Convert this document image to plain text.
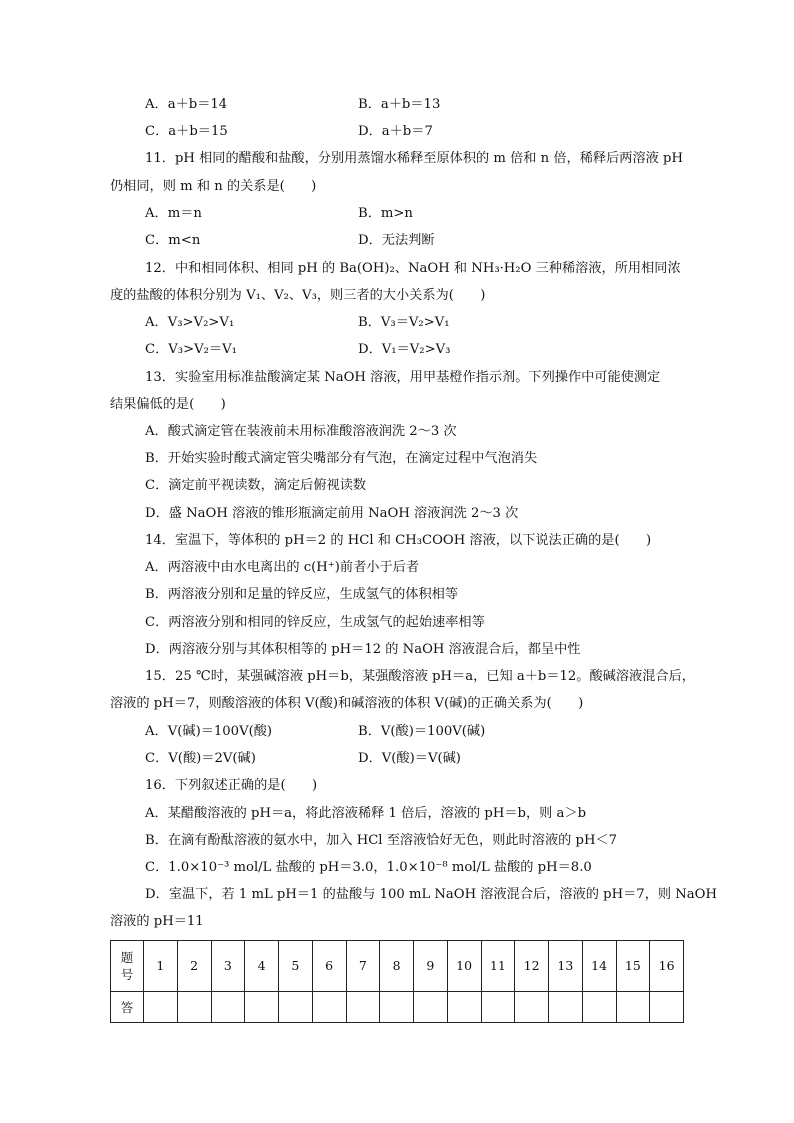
A．a＋b＝14	B．a＋b＝13
C．a＋b＝15	D．a＋b＝7
11．pH 相同的醋酸和盐酸，分别用蒸馏水稀释至原体积的 m 倍和 n 倍，稀释后两溶液 pH
仍相同，则 m 和 n 的关系是(　　)
A．m＝n	B．m>n
C．m<n	D．无法判断
12．中和相同体积、相同 pH 的 Ba(OH)₂、NaOH 和 NH₃·H₂O 三种稀溶液，所用相同浓
度的盐酸的体积分别为 V₁、V₂、V₃，则三者的大小关系为(　　)
A．V₃>V₂>V₁	B．V₃＝V₂>V₁
C．V₃>V₂＝V₁	D．V₁＝V₂>V₃
13．实验室用标准盐酸滴定某 NaOH 溶液，用甲基橙作指示剂。下列操作中可能使测定
结果偏低的是(　　)
A．酸式滴定管在装液前未用标准酸溶液润洗 2～3 次
B．开始实验时酸式滴定管尖嘴部分有气泡，在滴定过程中气泡消失
C．滴定前平视读数，滴定后俯视读数
D．盛 NaOH 溶液的锥形瓶滴定前用 NaOH 溶液润洗 2～3 次
14．室温下，等体积的 pH＝2 的 HCl 和 CH₃COOH 溶液，以下说法正确的是(　　)
A．两溶液中由水电离出的 c(H⁺)前者小于后者
B．两溶液分别和足量的锌反应，生成氢气的体积相等
C．两溶液分别和相同的锌反应，生成氢气的起始速率相等
D．两溶液分别与其体积相等的 pH＝12 的 NaOH 溶液混合后，都呈中性
15．25 ℃时，某强碱溶液 pH＝b，某强酸溶液 pH＝a，已知 a＋b＝12。酸碱溶液混合后，
溶液的 pH＝7，则酸溶液的体积 V(酸)和碱溶液的体积 V(碱)的正确关系为(　　)
A．V(碱)＝100V(酸)	B．V(酸)＝100V(碱)
C．V(酸)＝2V(碱)	D．V(酸)＝V(碱)
16．下列叙述正确的是(　　)
A．某醋酸溶液的 pH＝a，将此溶液稀释 1 倍后，溶液的 pH＝b，则 a＞b
B．在滴有酚酞溶液的氨水中，加入 HCl 至溶液恰好无色，则此时溶液的 pH＜7
C．1.0×10⁻³ mol/L 盐酸的 pH＝3.0，1.0×10⁻⁸ mol/L 盐酸的 pH＝8.0
D．室温下，若 1 mL pH＝1 的盐酸与 100 mL NaOH 溶液混合后，溶液的 pH＝7，则 NaOH
溶液的 pH＝11
题
号	1	2	3	4	5	6	7	8	9	10	11	12	13	14	15	16
答																
